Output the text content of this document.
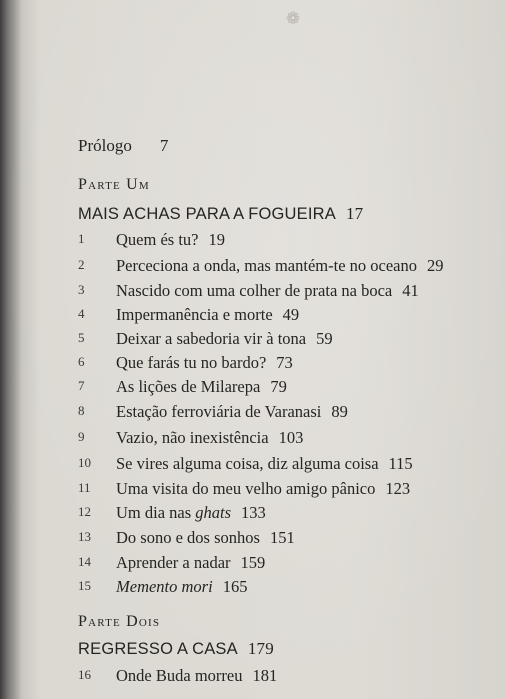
❁
Prólogo 7
Parte Um
MAIS ACHAS PARA A FOGUEIRA 17
1	Quem és tu? 19
2	Perceciona a onda, mas mantém-te no oceano 29
3	Nascido com uma colher de prata na boca 41
4	Impermanência e morte 49
5	Deixar a sabedoria vir à tona 59
6	Que farás tu no bardo? 73
7	As lições de Milarepa 79
8	Estação ferroviária de Varanasi 89
9	Vazio, não inexistência 103
10	Se vires alguma coisa, diz alguma coisa 115
11	Uma visita do meu velho amigo pânico 123
12	Um dia nas ghats 133
13	Do sono e dos sonhos 151
14	Aprender a nadar 159
15	Memento mori 165
Parte Dois
REGRESSO A CASA 179
16	Onde Buda morreu 181
